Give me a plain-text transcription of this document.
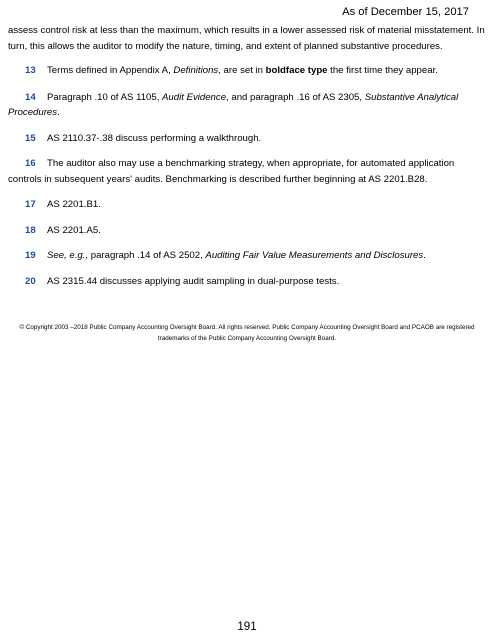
As of December 15, 2017

assess control risk at less than the maximum, which results in a lower assessed risk of material misstatement. In turn, this allows the auditor to modify the nature, timing, and extent of planned substantive procedures.

13 Terms defined in Appendix A, Definitions, are set in boldface type the first time they appear.

14 Paragraph .10 of AS 1105, Audit Evidence, and paragraph .16 of AS 2305, Substantive Analytical Procedures.

15 AS 2110.37-.38 discuss performing a walkthrough.

16 The auditor also may use a benchmarking strategy, when appropriate, for automated application controls in subsequent years' audits. Benchmarking is described further beginning at AS 2201.B28.

17 AS 2201.B1.

18 AS 2201.A5.

19 See, e.g., paragraph .14 of AS 2502, Auditing Fair Value Measurements and Disclosures.

20 AS 2315.44 discusses applying audit sampling in dual-purpose tests.

© Copyright 2003 –2018 Public Company Accounting Oversight Board. All rights reserved. Public Company Accounting Oversight Board and PCAOB are registered trademarks of the Public Company Accounting Oversight Board.
191
